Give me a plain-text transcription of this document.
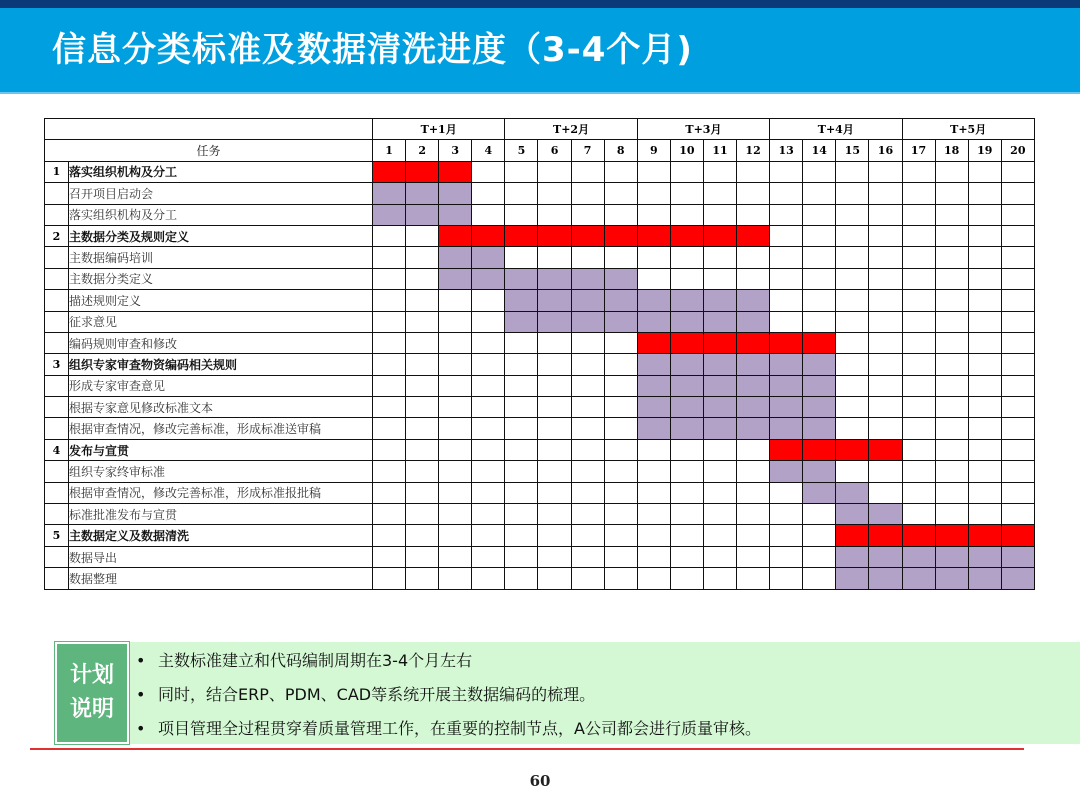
信息分类标准及数据清洗进度（3-4个月)
		T+1月				T+2月				T+3月				T+4月				T+5月			
任务		1	2	3	4	5	6	7	8	9	10	11	12	13	14	15	16	17	18	19	20
1	落实组织机构及分工																				
	召开项目启动会																				
	落实组织机构及分工																				
2	主数据分类及规则定义																				
	主数据编码培训																				
	主数据分类定义																				
	描述规则定义																				
	征求意见																				
	编码规则审查和修改																				
3	组织专家审查物资编码相关规则																				
	形成专家审查意见																				
	根据专家意见修改标准文本																				
	根据审查情况，修改完善标准，形成标准送审稿																				
4	发布与宣贯																				
	组织专家终审标准																				
	根据审查情况，修改完善标准，形成标准报批稿																				
	标准批准发布与宣贯																				
5	主数据定义及数据清洗																				
	数据导出																				
	数据整理																				
计划说明
• 主数标准建立和代码编制周期在3-4个月左右
• 同时，结合ERP、PDM、CAD等系统开展主数据编码的梳理。
• 项目管理全过程贯穿着质量管理工作，在重要的控制节点，A公司都会进行质量审核。
60
